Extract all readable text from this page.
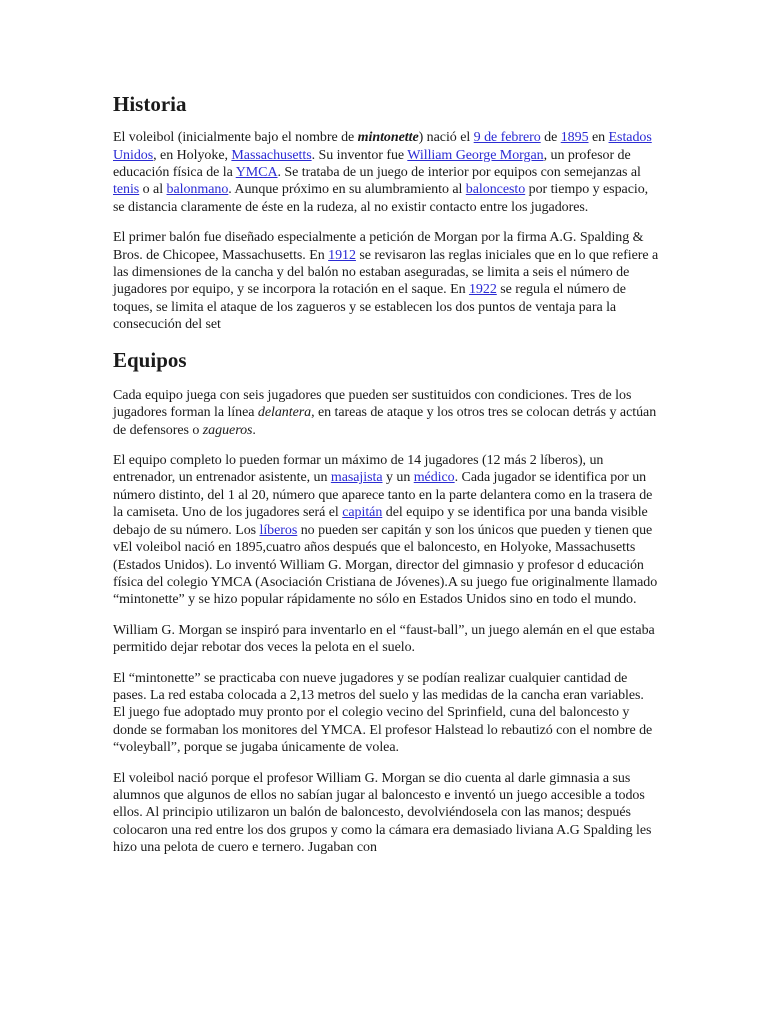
Historia

El voleibol (inicialmente bajo el nombre de mintonette) nació el 9 de febrero de 1895 en Estados Unidos, en Holyoke, Massachusetts. Su inventor fue William George Morgan, un profesor de educación física de la YMCA. Se trataba de un juego de interior por equipos con semejanzas al tenis o al balonmano. Aunque próximo en su alumbramiento al baloncesto por tiempo y espacio, se distancia claramente de éste en la rudeza, al no existir contacto entre los jugadores.

El primer balón fue diseñado especialmente a petición de Morgan por la firma A.G. Spalding & Bros. de Chicopee, Massachusetts. En 1912 se revisaron las reglas iniciales que en lo que refiere a las dimensiones de la cancha y del balón no estaban aseguradas, se limita a seis el número de jugadores por equipo, y se incorpora la rotación en el saque. En 1922 se regula el número de toques, se limita el ataque de los zagueros y se establecen los dos puntos de ventaja para la consecución del set

Equipos

Cada equipo juega con seis jugadores que pueden ser sustituidos con condiciones. Tres de los jugadores forman la línea delantera, en tareas de ataque y los otros tres se colocan detrás y actúan de defensores o zagueros.

El equipo completo lo pueden formar un máximo de 14 jugadores (12 más 2 líberos), un entrenador, un entrenador asistente, un masajista y un médico. Cada jugador se identifica por un número distinto, del 1 al 20, número que aparece tanto en la parte delantera como en la trasera de la camiseta. Uno de los jugadores será el capitán del equipo y se identifica por una banda visible debajo de su número. Los líberos no pueden ser capitán y son los únicos que pueden y tienen que vEl voleibol nació en 1895,cuatro años después que el baloncesto, en Holyoke, Massachusetts (Estados Unidos). Lo inventó William G. Morgan, director del gimnasio y profesor d educación física del colegio YMCA (Asociación Cristiana de Jóvenes).A su juego fue originalmente llamado “mintonette” y se hizo popular rápidamente no sólo en Estados Unidos sino en todo el mundo.

William G. Morgan se inspiró para inventarlo en el “faust-ball”, un juego alemán en el que estaba permitido dejar rebotar dos veces la pelota en el suelo.

El “mintonette” se practicaba con nueve jugadores y se podían realizar cualquier cantidad de pases. La red estaba colocada a 2,13 metros del suelo y las medidas de la cancha eran variables. El juego fue adoptado muy pronto por el colegio vecino del Sprinfield, cuna del baloncesto y donde se formaban los monitores del YMCA. El profesor Halstead lo rebautizó con el nombre de “voleyball”, porque se jugaba únicamente de volea.

El voleibol nació porque el profesor William G. Morgan se dio cuenta al darle gimnasia a sus alumnos que algunos de ellos no sabían jugar al baloncesto e inventó un juego accesible a todos ellos. Al principio utilizaron un balón de baloncesto, devolviéndosela con las manos; después colocaron una red entre los dos grupos y como la cámara era demasiado liviana A.G Spalding les hizo una pelota de cuero e ternero. Jugaban con
